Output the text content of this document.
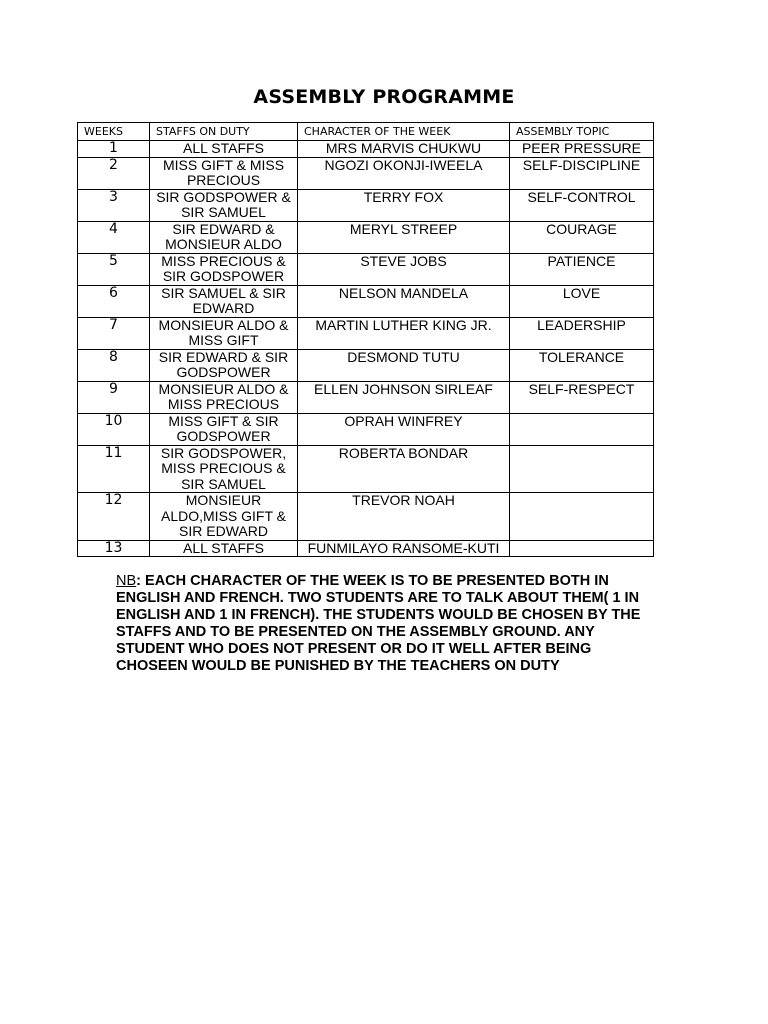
ASSEMBLY PROGRAMME
WEEKS	STAFFS ON DUTY	CHARACTER OF THE WEEK	ASSEMBLY TOPIC
1	ALL STAFFS	MRS MARVIS CHUKWU	PEER PRESSURE
2	MISS GIFT & MISS PRECIOUS	NGOZI OKONJI-IWEELA	SELF-DISCIPLINE
3	SIR GODSPOWER & SIR SAMUEL	TERRY FOX	SELF-CONTROL
4	SIR EDWARD & MONSIEUR ALDO	MERYL STREEP	COURAGE
5	MISS PRECIOUS & SIR GODSPOWER	STEVE JOBS	PATIENCE
6	SIR SAMUEL & SIR EDWARD	NELSON MANDELA	LOVE
7	MONSIEUR ALDO & MISS GIFT	MARTIN LUTHER KING JR.	LEADERSHIP
8	SIR EDWARD & SIR GODSPOWER	DESMOND TUTU	TOLERANCE
9	MONSIEUR ALDO & MISS PRECIOUS	ELLEN JOHNSON SIRLEAF	SELF-RESPECT
10	MISS GIFT & SIR GODSPOWER	OPRAH WINFREY	
11	SIR GODSPOWER, MISS PRECIOUS & SIR SAMUEL	ROBERTA BONDAR	
12	MONSIEUR ALDO,MISS GIFT & SIR EDWARD	TREVOR NOAH	
13	ALL STAFFS	FUNMILAYO RANSOME-KUTI	
NB: EACH CHARACTER OF THE WEEK IS TO BE PRESENTED BOTH IN ENGLISH AND FRENCH. TWO STUDENTS ARE TO TALK ABOUT THEM( 1 IN ENGLISH AND 1 IN FRENCH). THE STUDENTS WOULD BE CHOSEN BY THE STAFFS AND TO BE PRESENTED ON THE ASSEMBLY GROUND. ANY STUDENT WHO DOES NOT PRESENT OR DO IT WELL AFTER BEING CHOSEEN WOULD BE PUNISHED BY THE TEACHERS ON DUTY
